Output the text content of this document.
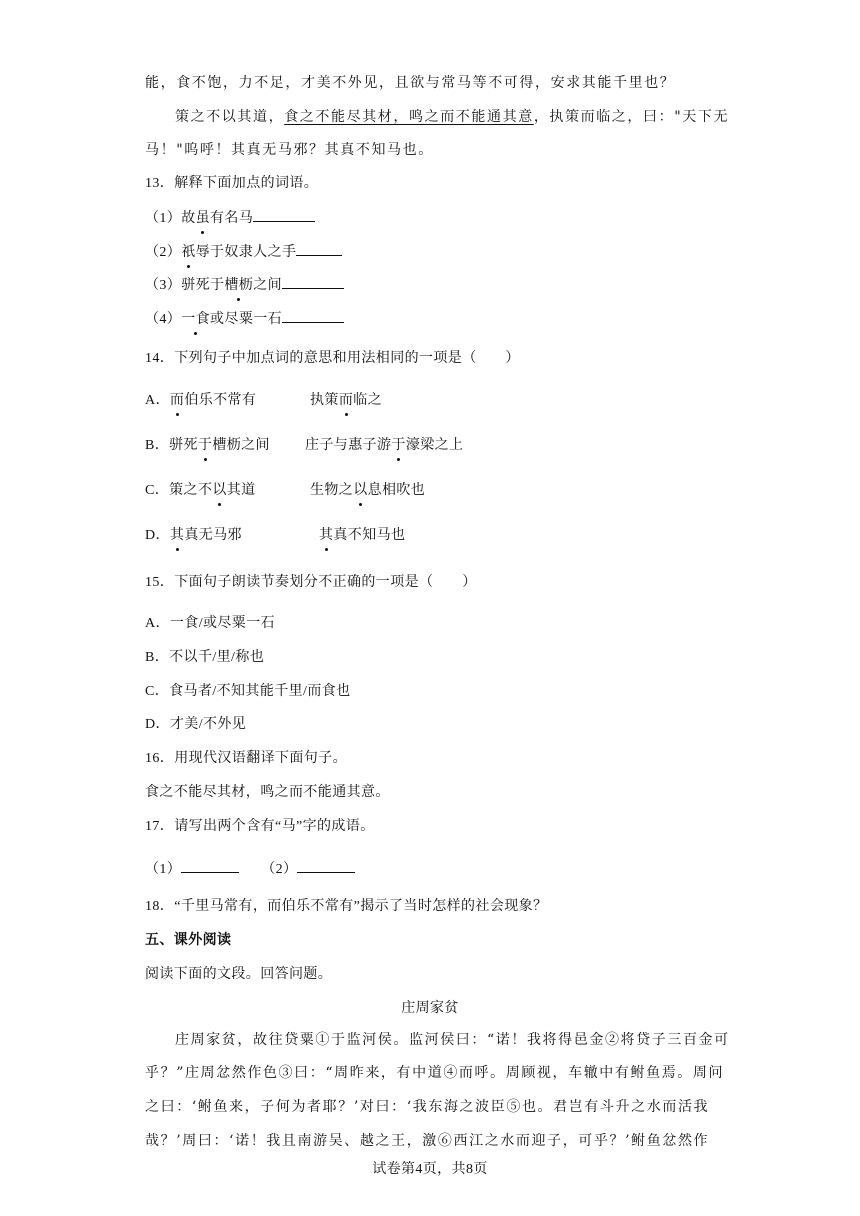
能，食不饱，力不足，才美不外见，且欲与常马等不可得，安求其能千里也？
策之不以其道，食之不能尽其材，鸣之而不能通其意，执策而临之，曰："天下无
马！"呜呼！其真无马邪？其真不知马也。
13．解释下面加点的词语。
（1）故虽有名马
（2）祇辱于奴隶人之手
（3）骈死于槽枥之间
（4）一食或尽粟一石
14．下列句子中加点词的意思和用法相同的一项是（　　）
A．而伯乐不常有	执策而临之
B．骈死于槽枥之间	庄子与惠子游于濠梁之上
C．策之不以其道	生物之以息相吹也
D．其真无马邪	其真不知马也
15．下面句子朗读节奏划分不正确的一项是（　　）
A．一食/或尽粟一石
B．不以千/里/称也
C．食马者/不知其能千里/而食也
D．才美/不外见
16．用现代汉语翻译下面句子。
食之不能尽其材，鸣之而不能通其意。
17．请写出两个含有“马”字的成语。
（1）	（2）
18．“千里马常有，而伯乐不常有”揭示了当时怎样的社会现象？
五、课外阅读
阅读下面的文段。回答问题。
庄周家贫
庄周家贫，故往贷粟①于监河侯。监河侯曰：“诺！我将得邑金②将贷子三百金可
乎？”庄周忿然作色③曰：“周昨来，有中道④而呼。周顾视，车辙中有鲋鱼焉。周问
之曰：‘鲋鱼来，子何为者耶？’对曰：‘我东海之波臣⑤也。君岂有斗升之水而活我
哉？’周曰：‘诺！我且南游吴、越之王，激⑥西江之水而迎子，可乎？’鲋鱼忿然作
试卷第4页，共8页
